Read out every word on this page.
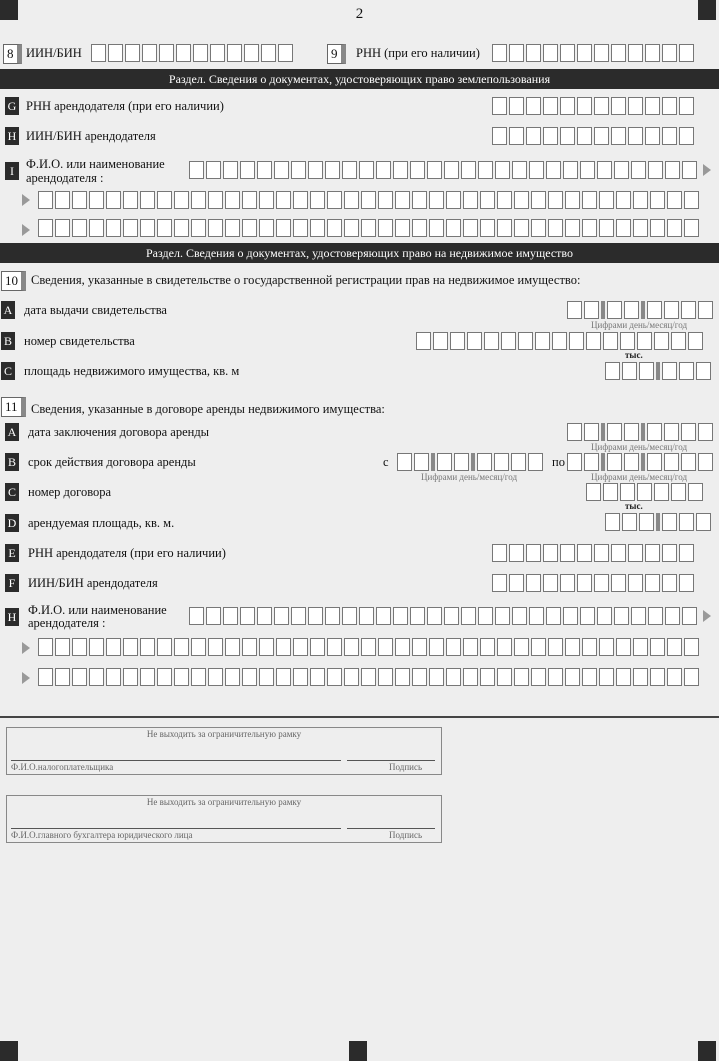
2
8	ИИН/БИН	9	РНН (при его наличии)
Раздел. Сведения о документах, удостоверяющих право землепользования
G РНН арендодателя (при его наличии)
H ИИН/БИН арендодателя
I Ф.И.О. или наименование
арендодателя :
Раздел. Сведения о документах, удостоверяющих право на недвижимое имущество
10	Сведения, указанные в свидетельстве о государственной регистрации прав на недвижимое имущество:
A дата выдачи свидетельства
Цифрами день/месяц/год
B номер свидетельства
тыс.
C площадь недвижимого имущества, кв. м
11	Сведения, указанные в договоре аренды недвижимого имущества:
A дата заключения договора аренды
Цифрами день/месяц/год
B срок действия договора аренды	с
Цифрами день/месяц/год
по
Цифрами день/месяц/год
C номер договора
тыс.
D арендуемая площадь, кв. м.
E РНН арендодателя (при его наличии)
F ИИН/БИН арендодателя
H Ф.И.О. или наименование
арендодателя :
Не выходить за ограничительную рамку
Ф.И.О.налогоплательщика	Подпись
Не выходить за ограничительную рамку
Ф.И.О.главного бухгалтера юридического лица	Подпись
